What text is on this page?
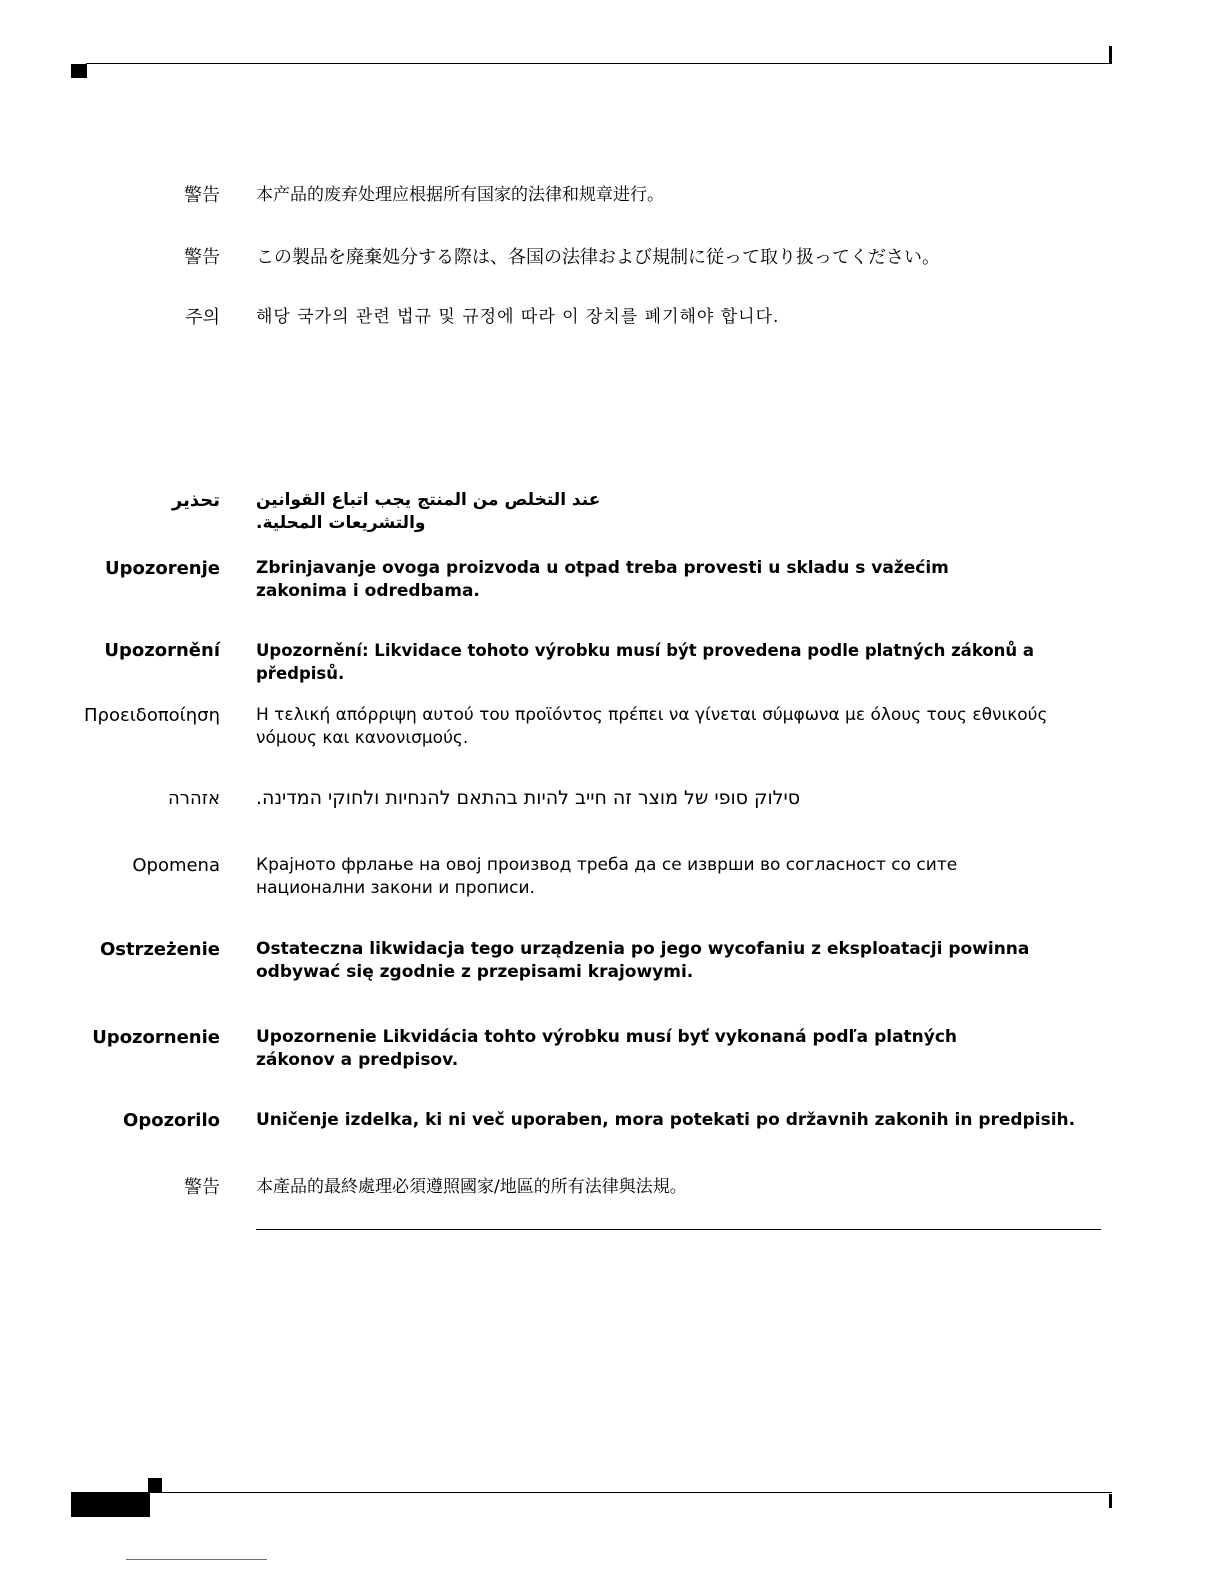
警告 本产品的废弃处理应根据所有国家的法律和规章进行。
警告 この製品を廃棄処分する際は、各国の法律および規制に従って取り扱ってください。
주의 해당 국가의 관련 법규 및 규정에 따라 이 장치를 폐기해야 합니다.
تحذير عند التخلص من المنتج يجب اتباع القوانين والتشريعات المحلية.
Upozorenje Zbrinjavanje ovoga proizvoda u otpad treba provesti u skladu s važećim zakonima i odredbama.
Upozornění Upozornění: Likvidace tohoto výrobku musí být provedena podle platných zákonů a předpisů.
Προειδοποίηση Η τελική απόρριψη αυτού του προϊόντος πρέπει να γίνεται σύμφωνα με όλους τους εθνικούς νόμους και κανονισμούς.
אזהרה סילוק סופי של מוצר זה חייב להיות בהתאם להנחיות ולחוקי המדינה.
Opomena Крајното фрлање на овој производ треба да се изврши во согласност со сите национални закони и прописи.
Ostrzeżenie Ostateczna likwidacja tego urządzenia po jego wycofaniu z eksploatacji powinna odbywać się zgodnie z przepisami krajowymi.
Upozornenie Upozornenie Likvidácia tohto výrobku musí byť vykonaná podľa platných zákonov a predpisov.
Opozorilo Uničenje izdelka, ki ni več uporaben, mora potekati po državnih zakonih in predpisih.
警告 本產品的最終處理必須遵照國家/地區的所有法律與法規。
